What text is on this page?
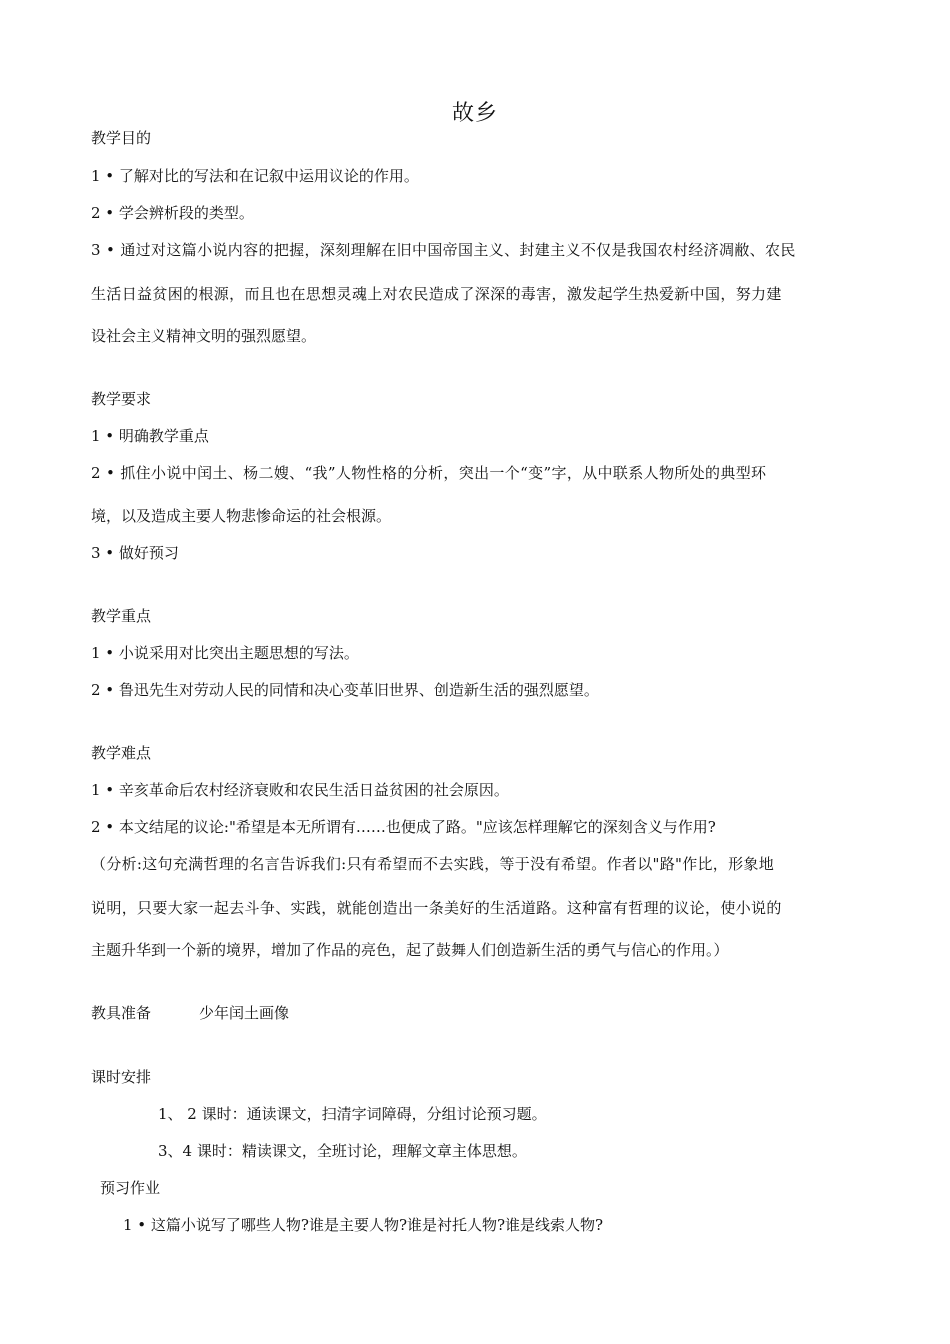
故乡
教学目的
1 • 了解对比的写法和在记叙中运用议论的作用。
2 • 学会辨析段的类型。
3 • 通过对这篇小说内容的把握，深刻理解在旧中国帝国主义、封建主义不仅是我国农村经济凋敝、农民
生活日益贫困的根源，而且也在思想灵魂上对农民造成了深深的毒害，激发起学生热爱新中国，努力建
设社会主义精神文明的强烈愿望。
教学要求
1 • 明确教学重点
2 • 抓住小说中闰土、杨二嫂、“我”人物性格的分析，突出一个“变”字，从中联系人物所处的典型环
境，以及造成主要人物悲惨命运的社会根源。
3 • 做好预习
教学重点
1 • 小说采用对比突出主题思想的写法。
2 • 鲁迅先生对劳动人民的同情和决心变革旧世界、创造新生活的强烈愿望。
教学难点
1 • 辛亥革命后农村经济衰败和农民生活日益贫困的社会原因。
2 • 本文结尾的议论:"希望是本无所谓有……也便成了路。"应该怎样理解它的深刻含义与作用?
（分析:这句充满哲理的名言告诉我们:只有希望而不去实践，等于没有希望。作者以"路"作比，形象地
说明，只要大家一起去斗争、实践，就能创造出一条美好的生活道路。这种富有哲理的议论，使小说的
主题升华到一个新的境界，增加了作品的亮色，起了鼓舞人们创造新生活的勇气与信心的作用。）
教具准备	少年闰土画像
课时安排
1、 2 课时：通读课文，扫清字词障碍，分组讨论预习题。
3、4 课时：精读课文，全班讨论，理解文章主体思想。
预习作业
1 • 这篇小说写了哪些人物?谁是主要人物?谁是衬托人物?谁是线索人物?
